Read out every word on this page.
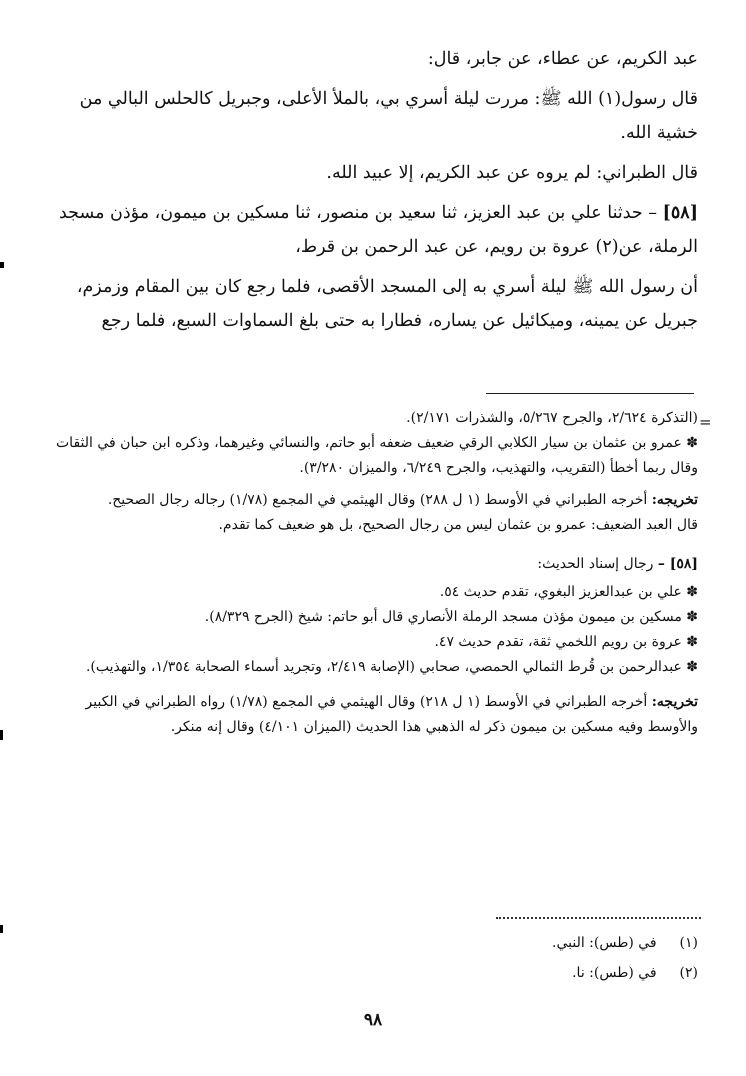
عبد الكريم، عن عطاء، عن جابر، قال:

قال رسول(١) الله ﷺ: مررت ليلة أسري بي، بالملأ الأعلى، وجبريل كالحلس البالي من خشية الله.

قال الطبراني: لم يروه عن عبد الكريم، إلا عبيد الله.

[٥٨] – حدثنا علي بن عبد العزيز، ثنا سعيد بن منصور، ثنا مسكين بن ميمون، مؤذن مسجد الرملة، عن(٢) عروة بن رويم، عن عبد الرحمن بن قرط،

أن رسول الله ﷺ ليلة أسري به إلى المسجد الأقصى، فلما رجع كان بين المقام وزمزم، جبريل عن يمينه، وميكائيل عن يساره، فطارا به حتى بلغ السماوات السبع، فلما رجع

=

(التذكرة ٢/٦٢٤، والجرح ٥/٢٦٧، والشذرات ٢/١٧١).

✽ عمرو بن عثمان بن سيار الكلابي الرقي ضعيف ضعفه أبو حاتم، والنسائي وغيرهما، وذكره ابن حبان في الثقات وقال ربما أخطأ (التقريب، والتهذيب، والجرح ٦/٢٤٩، والميزان ٣/٢٨٠).

تخريجه: أخرجه الطبراني في الأوسط (١ ل ٢٨٨) وقال الهيثمي في المجمع (١/٧٨) رجاله رجال الصحيح.

قال العبد الضعيف: عمرو بن عثمان ليس من رجال الصحيح، بل هو ضعيف كما تقدم.

[٥٨] – رجال إسناد الحديث:

✽ علي بن عبدالعزيز البغوي، تقدم حديث ٥٤.

✽ مسكين بن ميمون مؤذن مسجد الرملة الأنصاري قال أبو حاتم: شيخ (الجرح ٨/٣٢٩).

✽ عروة بن رويم اللخمي ثقة، تقدم حديث ٤٧.

✽ عبدالرحمن بن قُرط الثمالي الحمصي، صحابي (الإصابة ٢/٤١٩، وتجريد أسماء الصحابة ١/٣٥٤، والتهذيب).

تخريجه: أخرجه الطبراني في الأوسط (١ ل ٢١٨) وقال الهيثمي في المجمع (١/٧٨) رواه الطبراني في الكبير والأوسط وفيه مسكين بن ميمون ذكر له الذهبي هذا الحديث (الميزان ٤/١٠١) وقال إنه منكر.

(١)  في (طس): النبي.

(٢)  في (طس): نا.

٩٨
